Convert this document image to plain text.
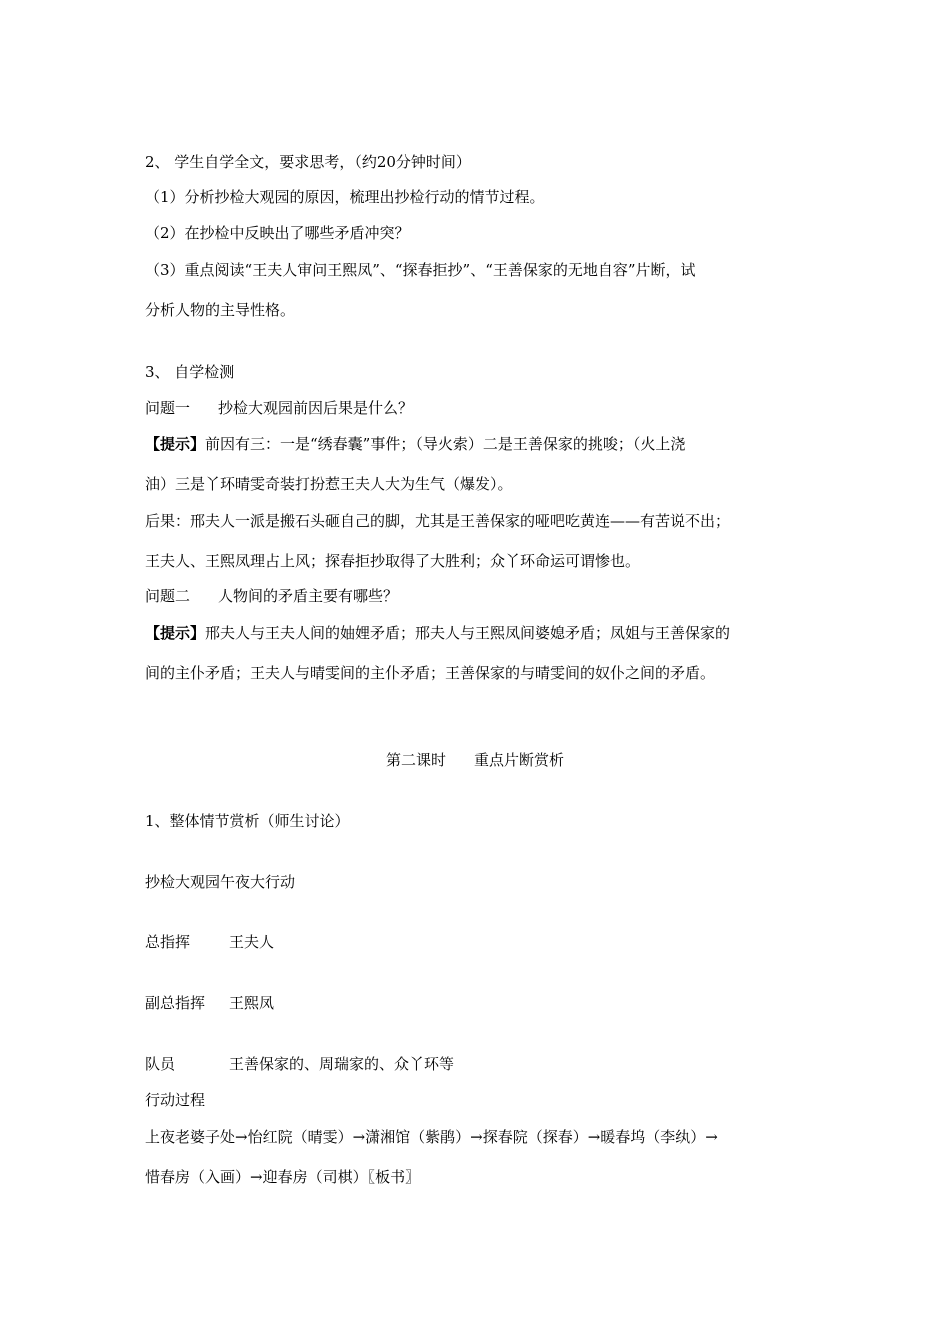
2、 学生自学全文，要求思考，（约20分钟时间）
（1）分析抄检大观园的原因，梳理出抄检行动的情节过程。
（2）在抄检中反映出了哪些矛盾冲突？
（3）重点阅读“王夫人审问王熙凤”、“探春拒抄”、“王善保家的无地自容”片断，试
分析人物的主导性格。
3、 自学检测
问题一 抄检大观园前因后果是什么？
【提示】前因有三：一是“绣春囊”事件；（导火索）二是王善保家的挑唆；（火上浇
油）三是丫环晴雯奇装打扮惹王夫人大为生气（爆发）。
后果：邢夫人一派是搬石头砸自己的脚，尤其是王善保家的哑吧吃黄连——有苦说不出；
王夫人、王熙凤理占上风；探春拒抄取得了大胜利；众丫环命运可谓惨也。
问题二 人物间的矛盾主要有哪些？
【提示】邢夫人与王夫人间的妯娌矛盾；邢夫人与王熙凤间婆媳矛盾；凤姐与王善保家的
间的主仆矛盾；王夫人与晴雯间的主仆矛盾；王善保家的与晴雯间的奴仆之间的矛盾。
第二课时 重点片断赏析
1、整体情节赏析（师生讨论）
抄检大观园午夜大行动
总指挥	王夫人
副总指挥 王熙凤
队员	王善保家的、周瑞家的、众丫环等
行动过程
上夜老婆子处→怡红院（晴雯）→潇湘馆（紫鹃）→探春院（探春）→暖春坞（李纨）→
惜春房（入画）→迎春房（司棋）〖板书〗
